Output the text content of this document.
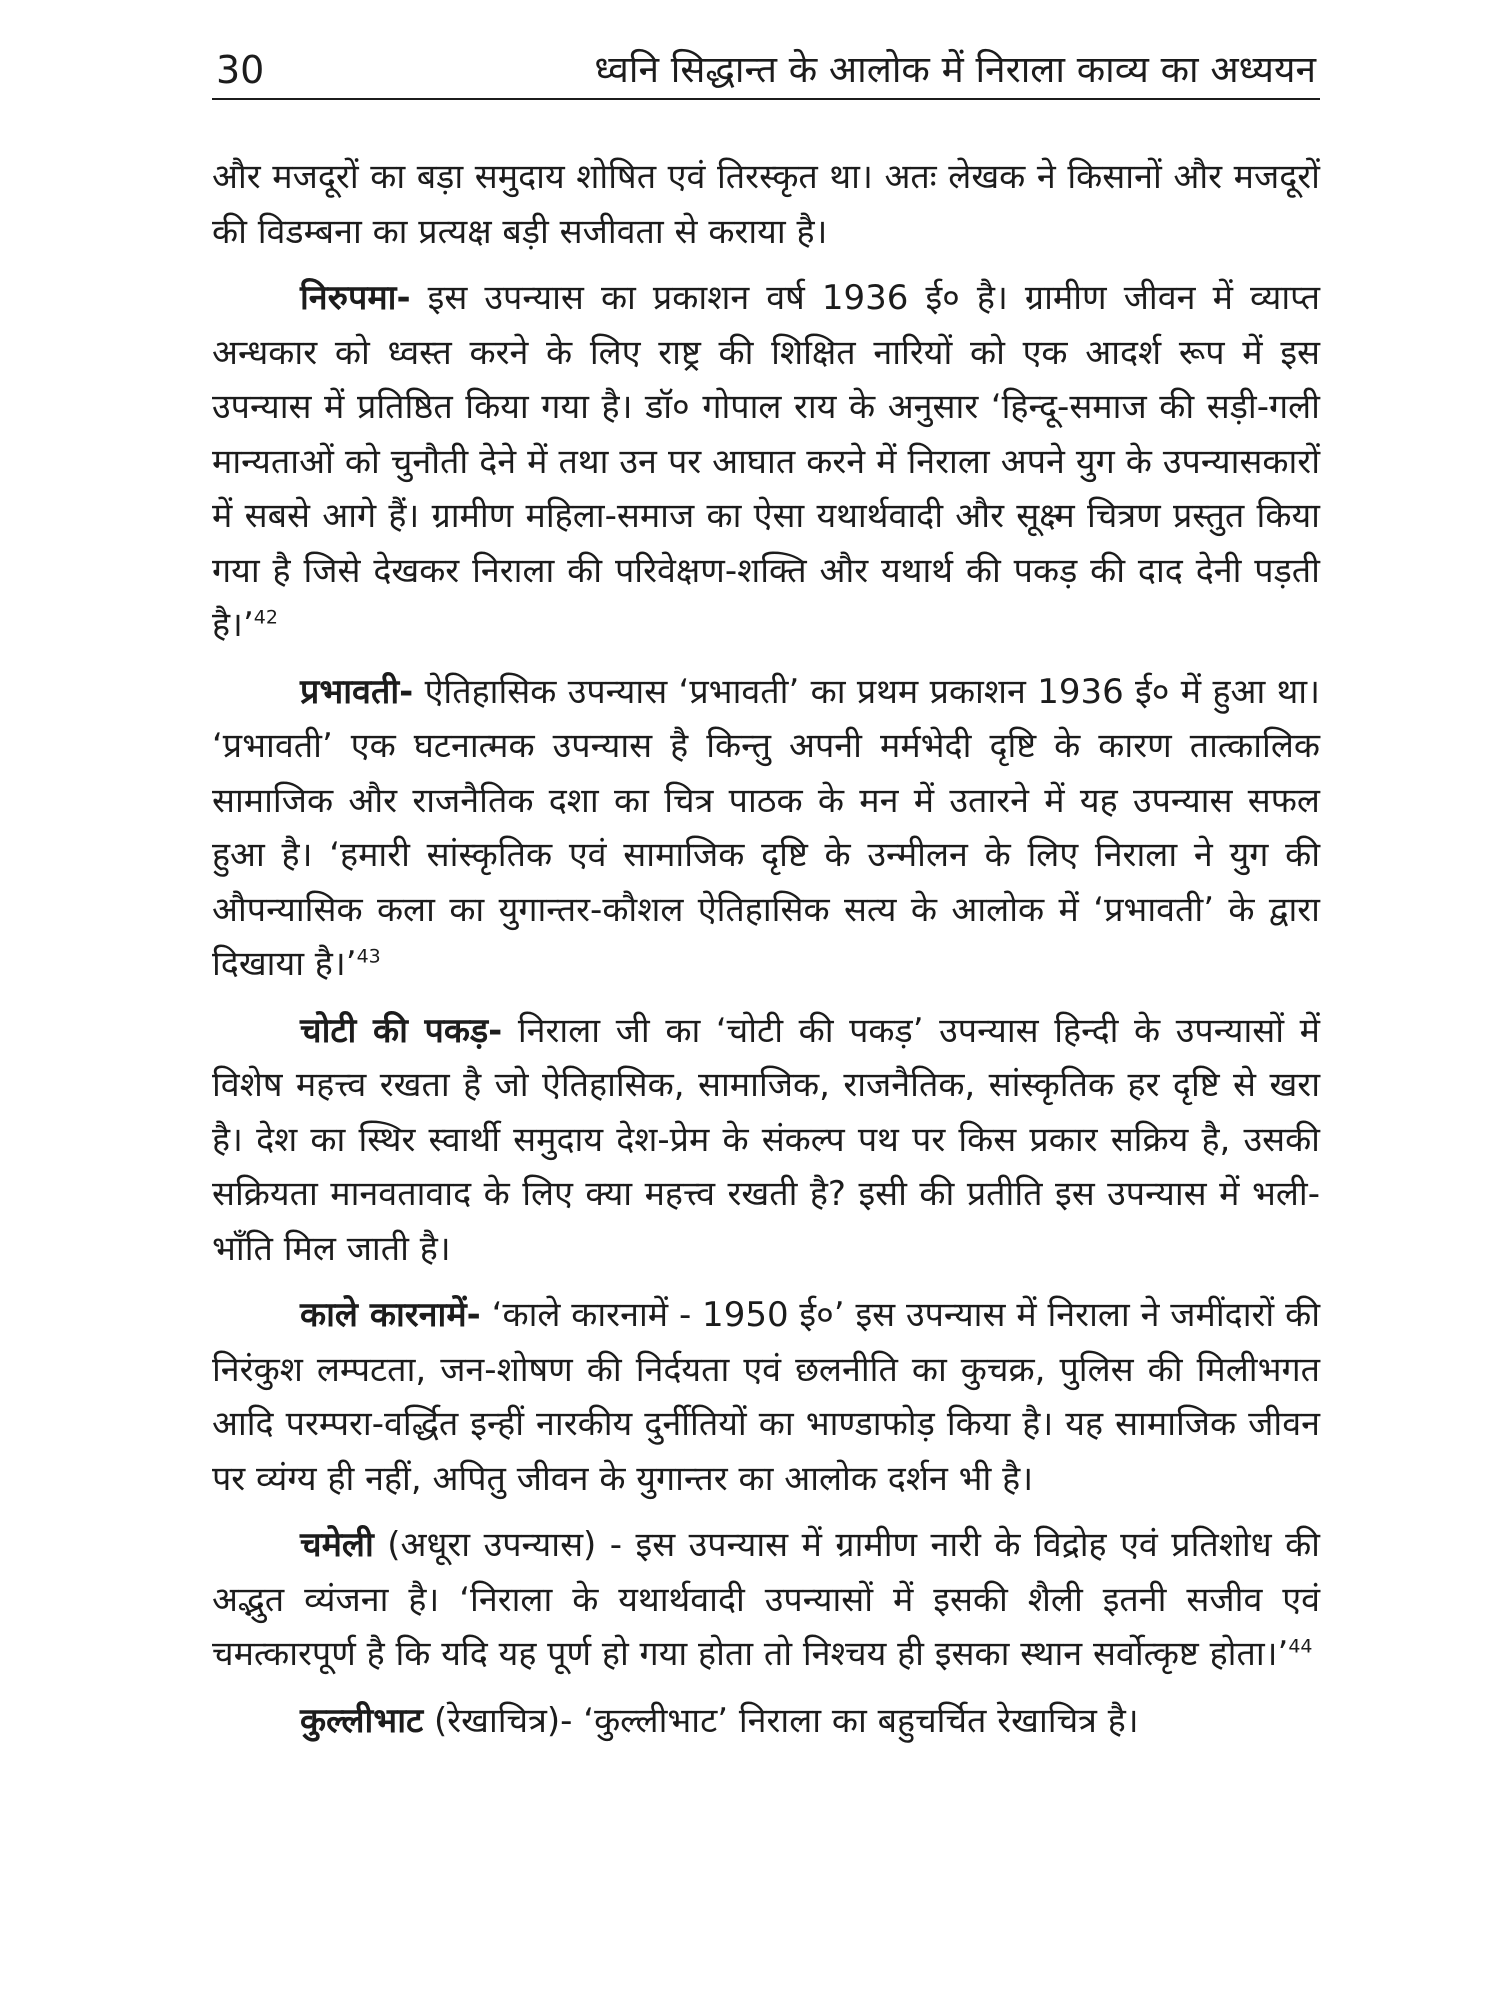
30	ध्वनि सिद्धान्त के आलोक में निराला काव्य का अध्ययन

और मजदूरों का बड़ा समुदाय शोषित एवं तिरस्कृत था। अतः लेखक ने किसानों और मजदूरों की विडम्बना का प्रत्यक्ष बड़ी सजीवता से कराया है।

निरुपमा- इस उपन्यास का प्रकाशन वर्ष 1936 ई० है। ग्रामीण जीवन में व्याप्त अन्धकार को ध्वस्त करने के लिए राष्ट्र की शिक्षित नारियों को एक आदर्श रूप में इस उपन्यास में प्रतिष्ठित किया गया है। डॉ० गोपाल राय के अनुसार ‘हिन्दू-समाज की सड़ी-गली मान्यताओं को चुनौती देने में तथा उन पर आघात करने में निराला अपने युग के उपन्यासकारों में सबसे आगे हैं। ग्रामीण महिला-समाज का ऐसा यथार्थवादी और सूक्ष्म चित्रण प्रस्तुत किया गया है जिसे देखकर निराला की परिवेक्षण-शक्ति और यथार्थ की पकड़ की दाद देनी पड़ती है।’$^{42}$

प्रभावती- ऐतिहासिक उपन्यास ‘प्रभावती’ का प्रथम प्रकाशन 1936 ई० में हुआ था। ‘प्रभावती’ एक घटनात्मक उपन्यास है किन्तु अपनी मर्मभेदी दृष्टि के कारण तात्कालिक सामाजिक और राजनैतिक दशा का चित्र पाठक के मन में उतारने में यह उपन्यास सफल हुआ है। ‘हमारी सांस्कृतिक एवं सामाजिक दृष्टि के उन्मीलन के लिए निराला ने युग की औपन्यासिक कला का युगान्तर-कौशल ऐतिहासिक सत्य के आलोक में ‘प्रभावती’ के द्वारा दिखाया है।’$^{43}$

चोटी की पकड़- निराला जी का ‘चोटी की पकड़’ उपन्यास हिन्दी के उपन्यासों में विशेष महत्त्व रखता है जो ऐतिहासिक, सामाजिक, राजनैतिक, सांस्कृतिक हर दृष्टि से खरा है। देश का स्थिर स्वार्थी समुदाय देश-प्रेम के संकल्प पथ पर किस प्रकार सक्रिय है, उसकी सक्रियता मानवतावाद के लिए क्या महत्त्व रखती है? इसी की प्रतीति इस उपन्यास में भली-भाँति मिल जाती है।

काले कारनामें- ‘काले कारनामें - 1950 ई०’ इस उपन्यास में निराला ने जमींदारों की निरंकुश लम्पटता, जन-शोषण की निर्दयता एवं छलनीति का कुचक्र, पुलिस की मिलीभगत आदि परम्परा-वर्द्धित इन्हीं नारकीय दुर्नीतियों का भाण्डाफोड़ किया है। यह सामाजिक जीवन पर व्यंग्य ही नहीं, अपितु जीवन के युगान्तर का आलोक दर्शन भी है।

चमेली (अधूरा उपन्यास) - इस उपन्यास में ग्रामीण नारी के विद्रोह एवं प्रतिशोध की अद्भुत व्यंजना है। ‘निराला के यथार्थवादी उपन्यासों में इसकी शैली इतनी सजीव एवं चमत्कारपूर्ण है कि यदि यह पूर्ण हो गया होता तो निश्चय ही इसका स्थान सर्वोत्कृष्ट होता।’$^{44}$

कुल्लीभाट (रेखाचित्र)- ‘कुल्लीभाट’ निराला का बहुचर्चित रेखाचित्र है।
